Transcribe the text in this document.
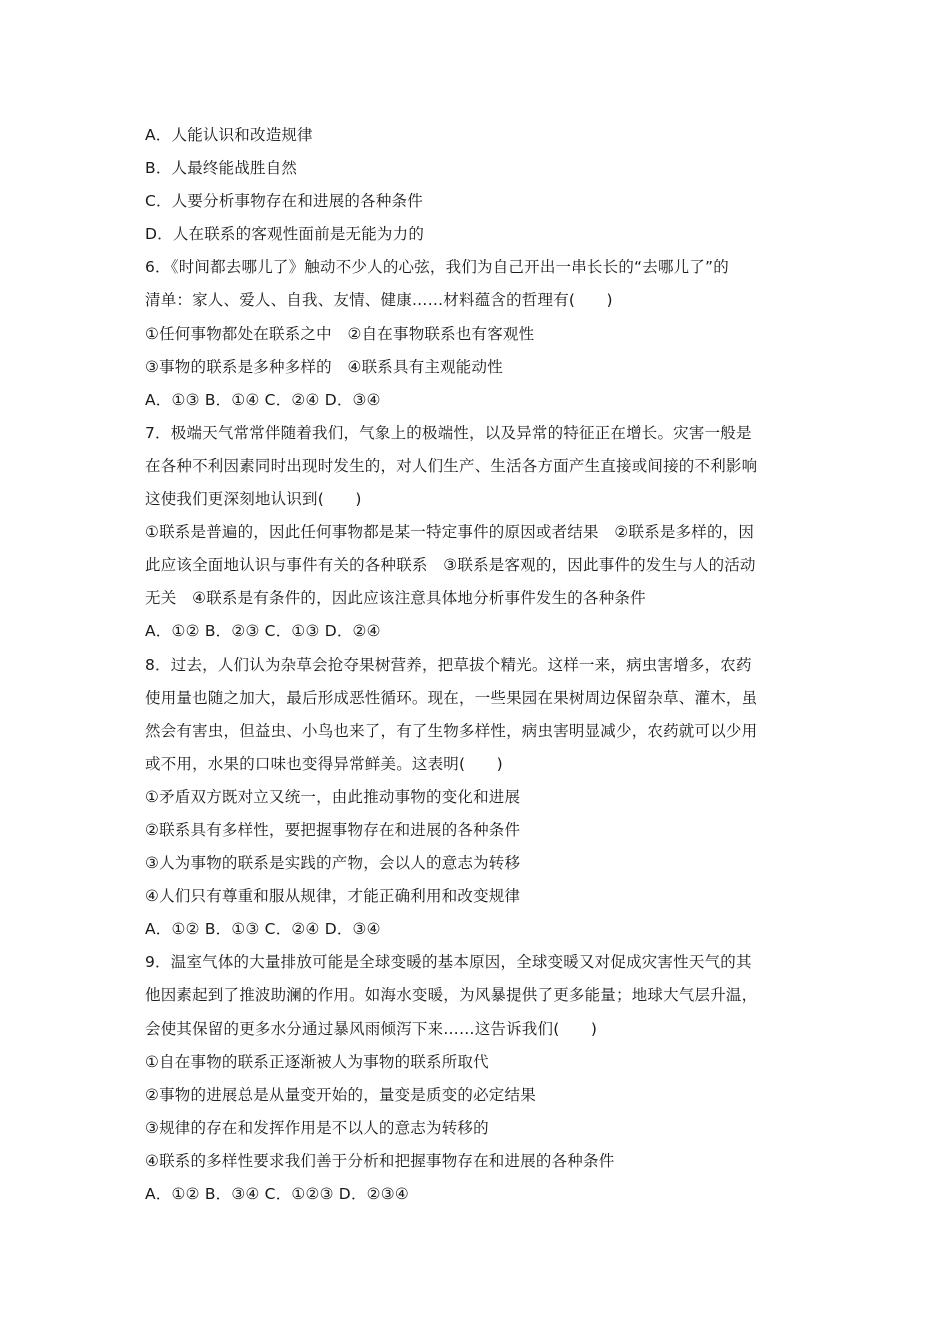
A．人能认识和改造规律
B．人最终能战胜自然
C．人要分析事物存在和进展的各种条件
D．人在联系的客观性面前是无能为力的
6．《时间都去哪儿了》触动不少人的心弦，我们为自己开出一串长长的“去哪儿了”的
清单：家人、爱人、自我、友情、健康……材料蕴含的哲理有(　　)
①任何事物都处在联系之中　②自在事物联系也有客观性
③事物的联系是多种多样的　④联系具有主观能动性
A．①③ B．①④ C．②④ D．③④
7．极端天气常常伴随着我们，气象上的极端性，以及异常的特征正在增长。灾害一般是
在各种不利因素同时出现时发生的，对人们生产、生活各方面产生直接或间接的不利影响
这使我们更深刻地认识到(　　)
①联系是普遍的，因此任何事物都是某一特定事件的原因或者结果　②联系是多样的，因
此应该全面地认识与事件有关的各种联系　③联系是客观的，因此事件的发生与人的活动
无关　④联系是有条件的，因此应该注意具体地分析事件发生的各种条件
A．①② B．②③ C．①③ D．②④
8．过去，人们认为杂草会抢夺果树营养，把草拔个精光。这样一来，病虫害增多，农药
使用量也随之加大，最后形成恶性循环。现在，一些果园在果树周边保留杂草、灌木，虽
然会有害虫，但益虫、小鸟也来了，有了生物多样性，病虫害明显减少，农药就可以少用
或不用，水果的口味也变得异常鲜美。这表明(　　)
①矛盾双方既对立又统一，由此推动事物的变化和进展
②联系具有多样性，要把握事物存在和进展的各种条件
③人为事物的联系是实践的产物，会以人的意志为转移
④人们只有尊重和服从规律，才能正确利用和改变规律
A．①② B．①③ C．②④ D．③④
9．温室气体的大量排放可能是全球变暖的基本原因，全球变暖又对促成灾害性天气的其
他因素起到了推波助澜的作用。如海水变暖，为风暴提供了更多能量；地球大气层升温，
会使其保留的更多水分通过暴风雨倾泻下来……这告诉我们(　　)
①自在事物的联系正逐渐被人为事物的联系所取代
②事物的进展总是从量变开始的，量变是质变的必定结果
③规律的存在和发挥作用是不以人的意志为转移的
④联系的多样性要求我们善于分析和把握事物存在和进展的各种条件
A．①② B．③④ C．①②③ D．②③④
